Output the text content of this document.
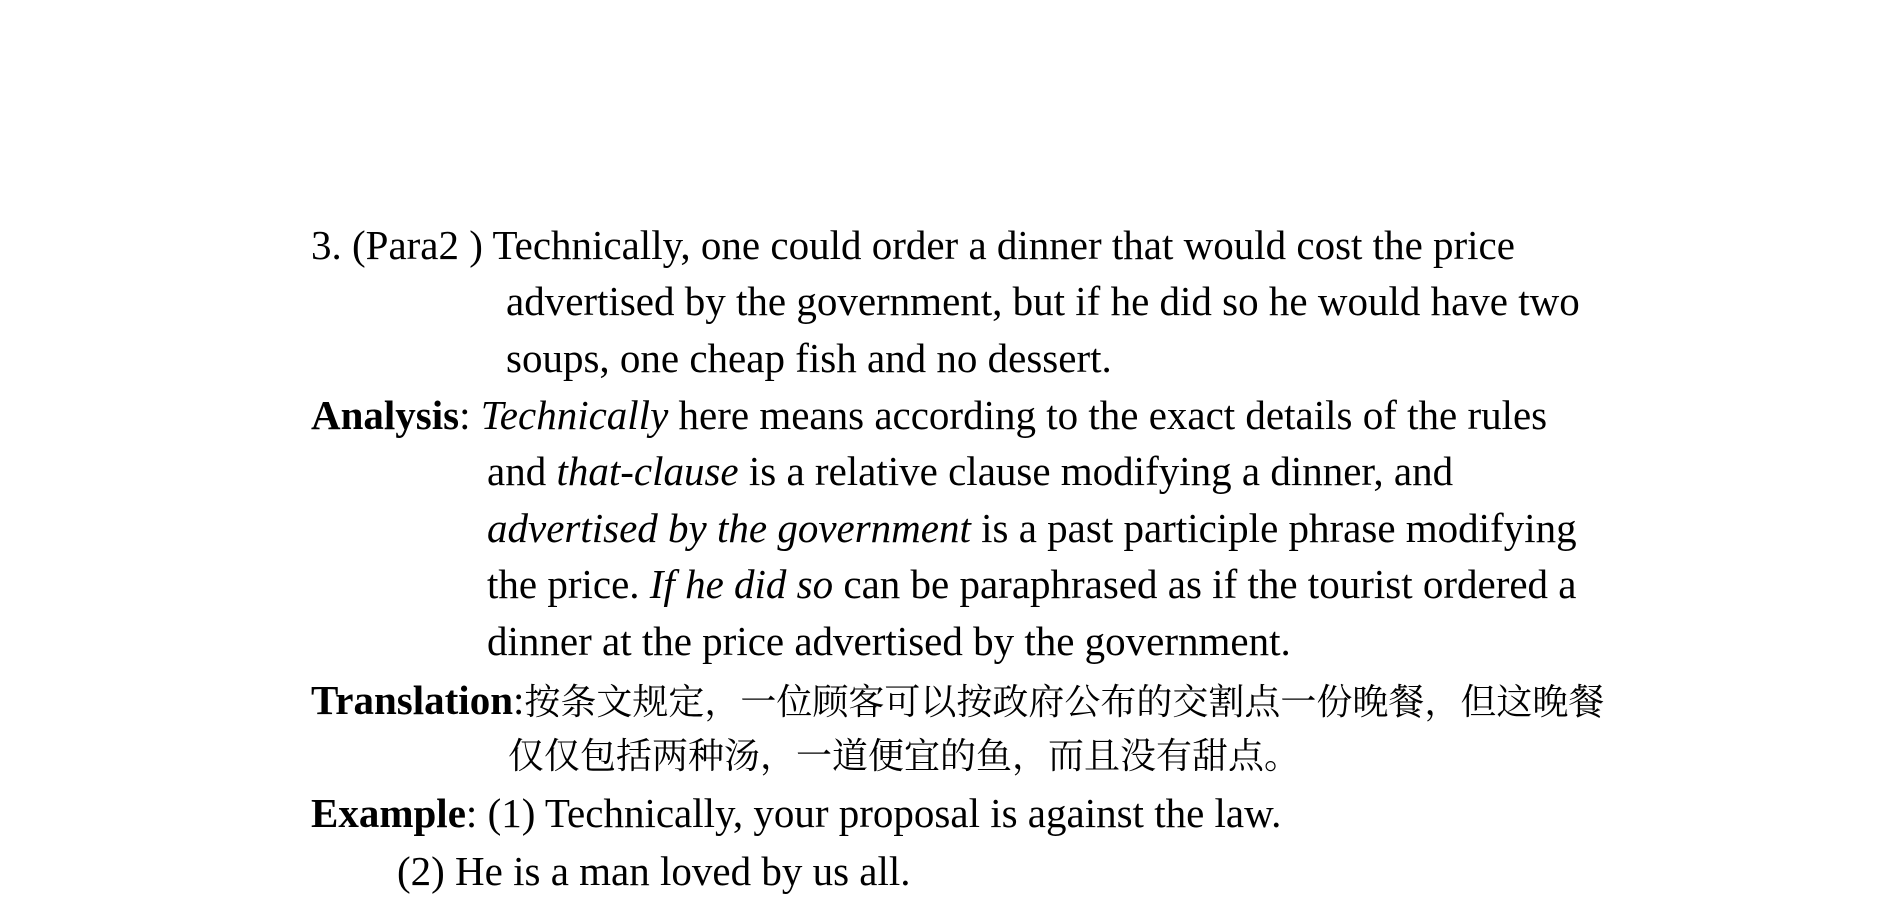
3. (Para2 ) Technically, one could order a dinner that would cost the price
advertised by the government, but if he did so he would have two
soups, one cheap fish and no dessert.
Analysis: Technically here means according to the exact details of the rules
and that-clause is a relative clause modifying a dinner, and
advertised by the government is a past participle phrase modifying
the price. If he did so can be paraphrased as if the tourist ordered a
dinner at the price advertised by the government.
Translation:按条文规定，一位顾客可以按政府公布的交割点一份晚餐，但这晚餐
仅仅包括两种汤，一道便宜的鱼，而且没有甜点。
Example: (1) Technically, your proposal is against the law.
(2) He is a man loved by us all.
